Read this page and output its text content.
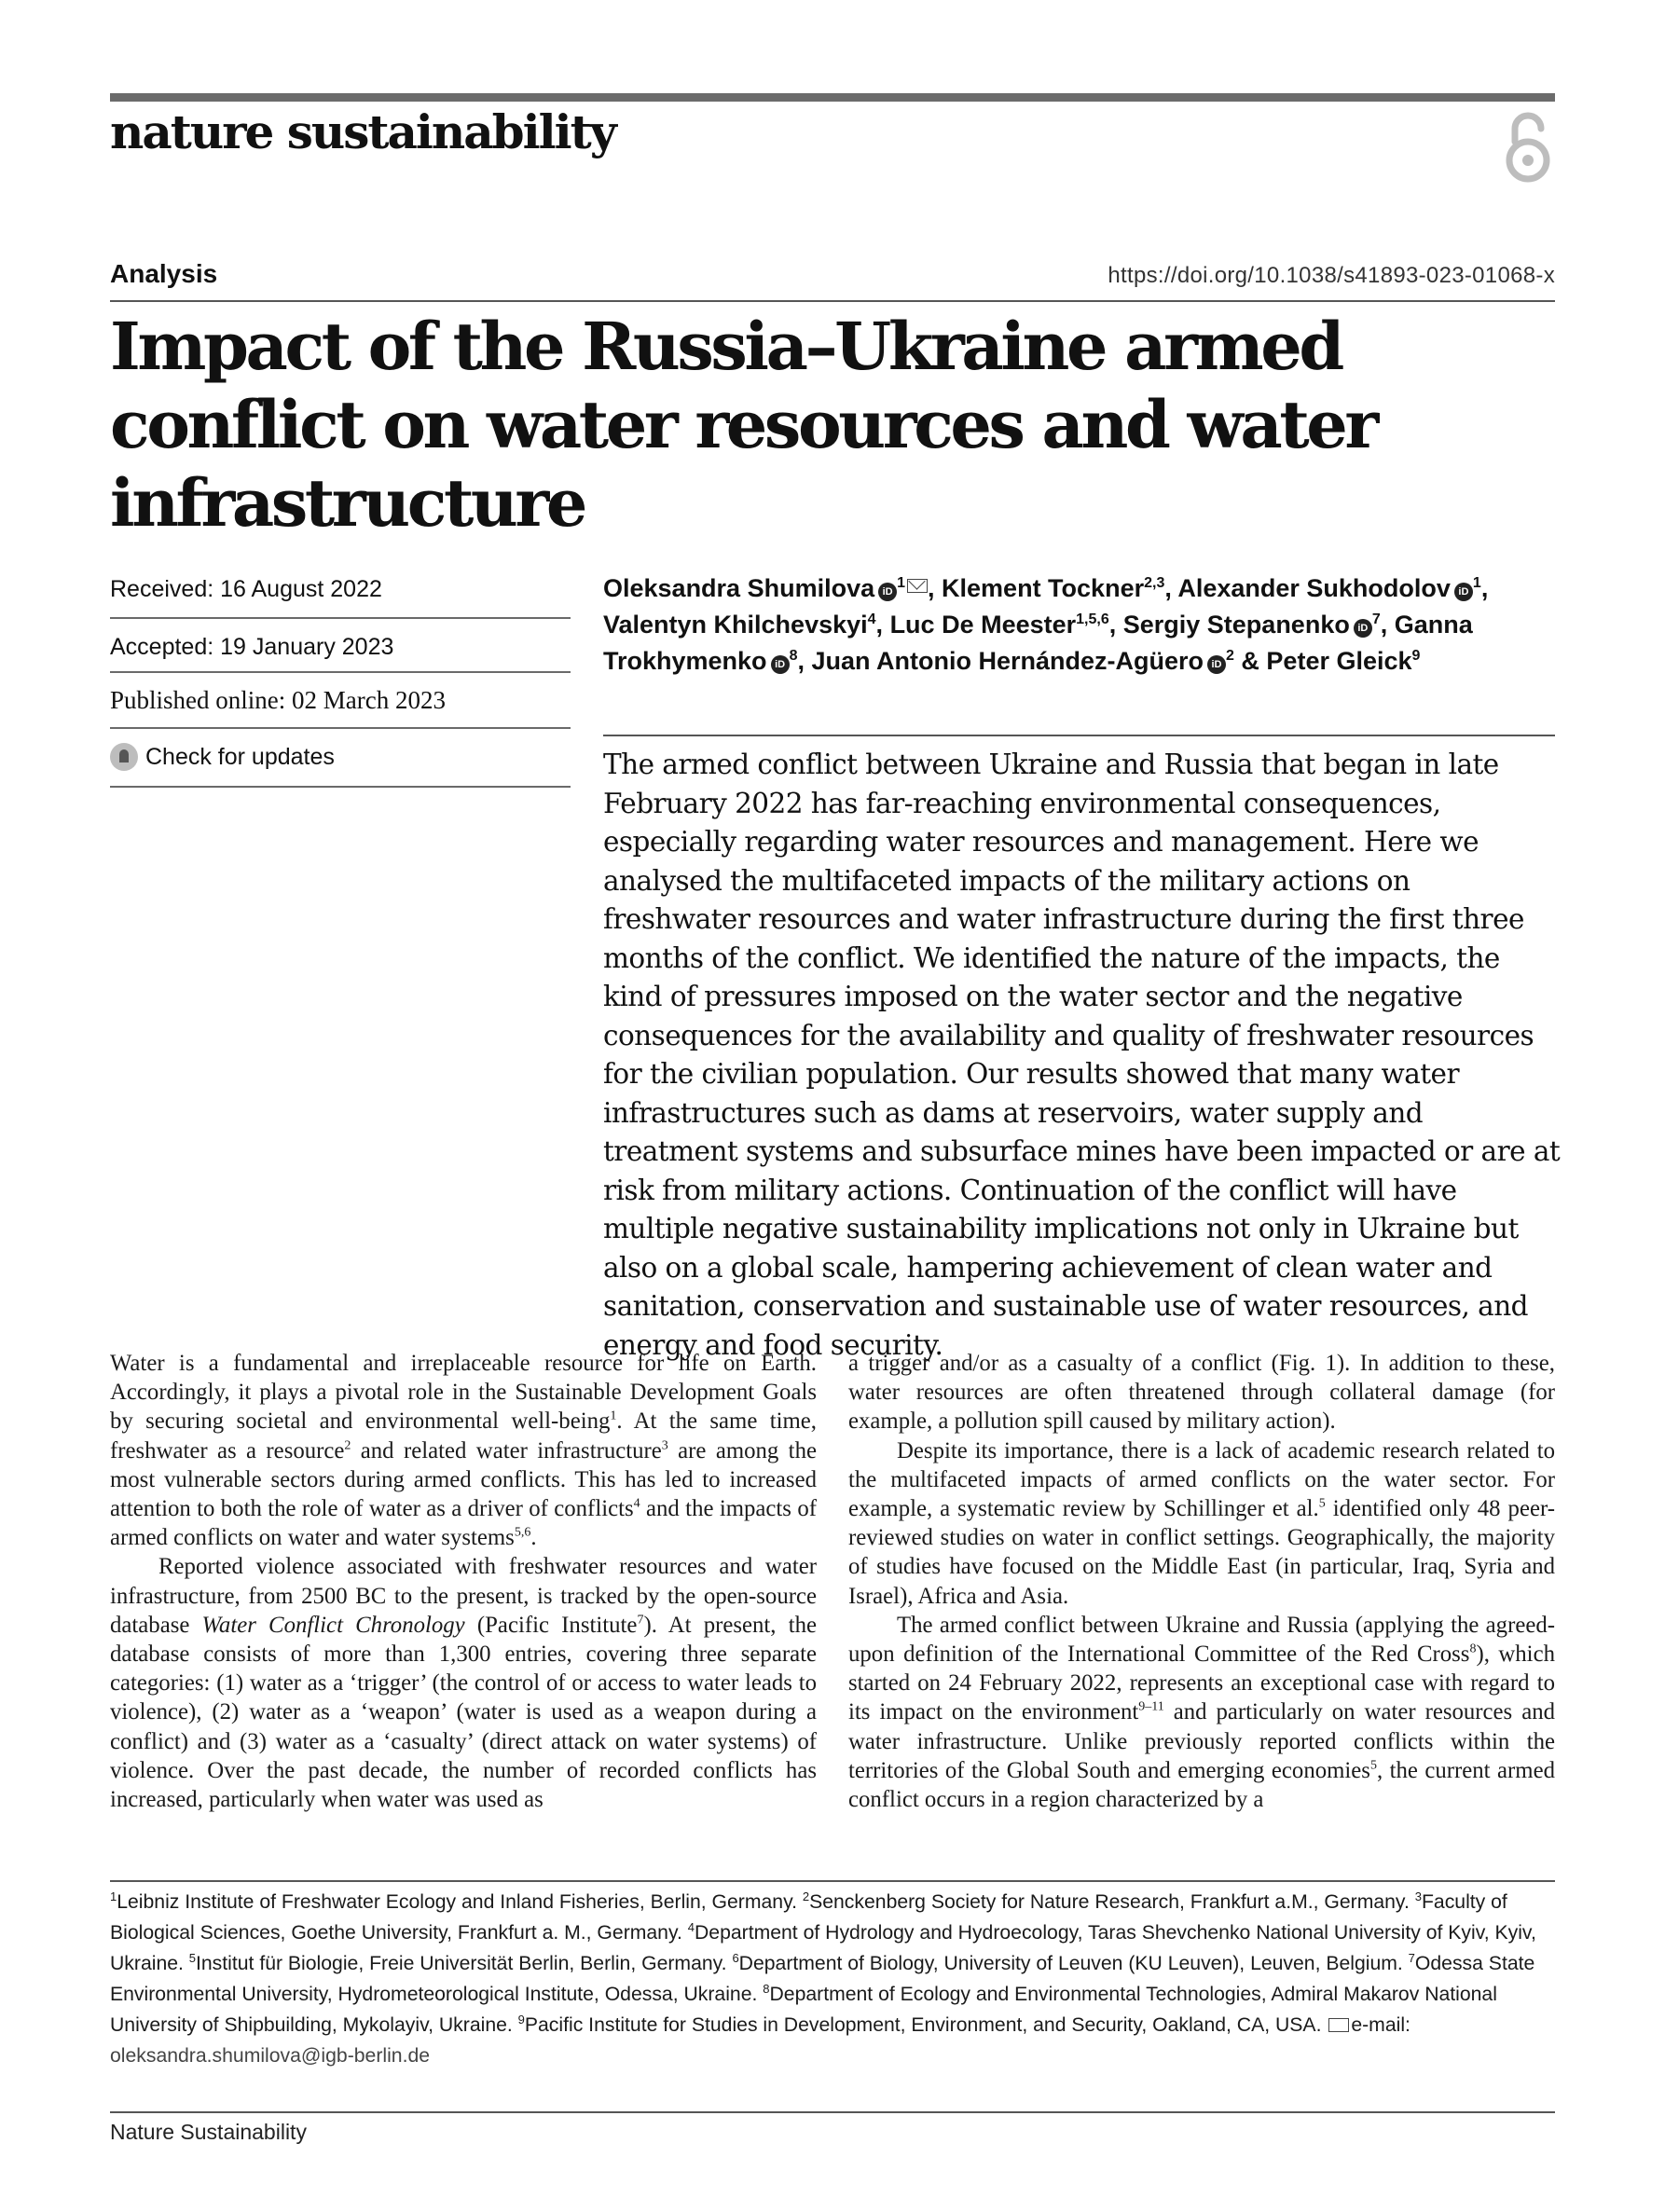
nature sustainability
Analysis	https://doi.org/10.1038/s41893-023-01068-x
Impact of the Russia–Ukraine armed conflict on water resources and water infrastructure
Received: 16 August 2022
Accepted: 19 January 2023
Published online: 02 March 2023
Check for updates
Oleksandra Shumilova $iD^1$ , Klement Tockner$^{2,3}$, Alexander Sukhodolov $iD^1$, Valentyn Khilchevskyi$^4$, Luc De Meester$^{1,5,6}$, Sergiy Stepanenko $iD^7$, Ganna Trokhymenko $iD^8$, Juan Antonio Hernández-Agüero $iD^2$ & Peter Gleick$^9$

The armed conflict between Ukraine and Russia that began in late February 2022 has far-reaching environmental consequences, especially regarding water resources and management. Here we analysed the multifaceted impacts of the military actions on freshwater resources and water infrastructure during the first three months of the conflict. We identified the nature of the impacts, the kind of pressures imposed on the water sector and the negative consequences for the availability and quality of freshwater resources for the civilian population. Our results showed that many water infrastructures such as dams at reservoirs, water supply and treatment systems and subsurface mines have been impacted or are at risk from military actions. Continuation of the conflict will have multiple negative sustainability implications not only in Ukraine but also on a global scale, hampering achievement of clean water and sanitation, conservation and sustainable use of water resources, and energy and food security.

Water is a fundamental and irreplaceable resource for life on Earth. Accordingly, it plays a pivotal role in the Sustainable Development Goals by securing societal and environmental well-being$^1$. At the same time, freshwater as a resource$^2$ and related water infrastructure$^3$ are among the most vulnerable sectors during armed conflicts. This has led to increased attention to both the role of water as a driver of conflicts$^4$ and the impacts of armed conflicts on water and water systems$^{5,6}$.

Reported violence associated with freshwater resources and water infrastructure, from 2500 BC to the present, is tracked by the open-source database Water Conflict Chronology (Pacific Institute$^7$). At present, the database consists of more than 1,300 entries, covering three separate categories: (1) water as a ‘trigger’ (the control of or access to water leads to violence), (2) water as a ‘weapon’ (water is used as a weapon during a conflict) and (3) water as a ‘casualty’ (direct attack on water systems) of violence. Over the past decade, the number of recorded conflicts has increased, particularly when water was used as

a trigger and/or as a casualty of a conflict (Fig. 1). In addition to these, water resources are often threatened through collateral damage (for example, a pollution spill caused by military action).

Despite its importance, there is a lack of academic research related to the multifaceted impacts of armed conflicts on the water sector. For example, a systematic review by Schillinger et al.$^5$ identified only 48 peer-reviewed studies on water in conflict settings. Geographically, the majority of studies have focused on the Middle East (in particular, Iraq, Syria and Israel), Africa and Asia.

The armed conflict between Ukraine and Russia (applying the agreed-upon definition of the International Committee of the Red Cross$^8$), which started on 24 February 2022, represents an exceptional case with regard to its impact on the environment$^{9-11}$ and particularly on water resources and water infrastructure. Unlike previously reported conflicts within the territories of the Global South and emerging economies$^5$, the current armed conflict occurs in a region characterized by a

$^1$Leibniz Institute of Freshwater Ecology and Inland Fisheries, Berlin, Germany. $^2$Senckenberg Society for Nature Research, Frankfurt a.M., Germany. $^3$Faculty of Biological Sciences, Goethe University, Frankfurt a. M., Germany. $^4$Department of Hydrology and Hydroecology, Taras Shevchenko National University of Kyiv, Kyiv, Ukraine. $^5$Institut für Biologie, Freie Universität Berlin, Berlin, Germany. $^6$Department of Biology, University of Leuven (KU Leuven), Leuven, Belgium. $^7$Odessa State Environmental University, Hydrometeorological Institute, Odessa, Ukraine. $^8$Department of Ecology and Environmental Technologies, Admiral Makarov National University of Shipbuilding, Mykolayiv, Ukraine. $^9$Pacific Institute for Studies in Development, Environment, and Security, Oakland, CA, USA. e-mail: oleksandra.shumilova@igb-berlin.de

Nature Sustainability
